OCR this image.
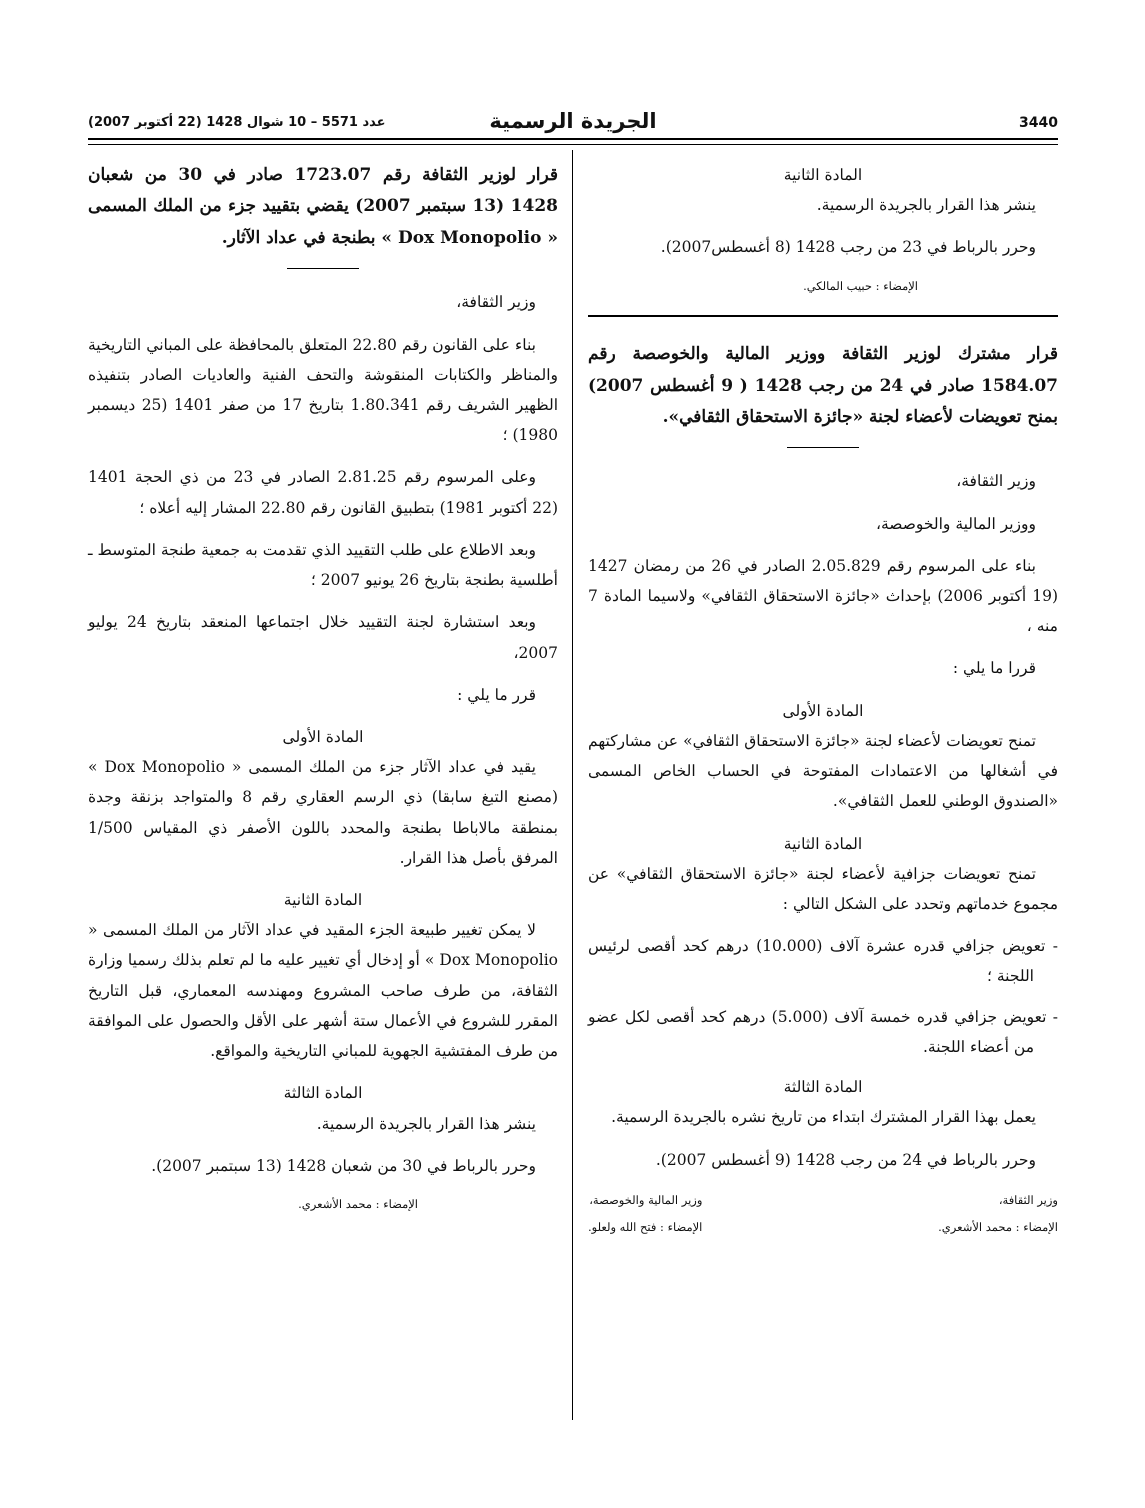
3440
الجريدة الرسمية
عدد 5571 – 10 شوال 1428 (22 أكتوبر 2007)

المادة الثانية

ينشر هذا القرار بالجريدة الرسمية.

وحرر بالرباط في 23 من رجب 1428 (8 أغسطس2007).

الإمضاء : حبيب المالكي.

قرار مشترك لوزير الثقافة ووزير المالية والخوصصة رقم 1584.07 صادر في 24 من رجب 1428 ( 9 أغسطس 2007) بمنح تعويضات لأعضاء لجنة «جائزة الاستحقاق الثقافي».

وزير الثقافة،

ووزير المالية والخوصصة،

بناء على المرسوم رقم 2.05.829 الصادر في 26 من رمضان 1427 (19 أكتوبر 2006) بإحداث «جائزة الاستحقاق الثقافي» ولاسيما المادة 7 منه ،

قررا ما يلي :

المادة الأولى

تمنح تعويضات لأعضاء لجنة «جائزة الاستحقاق الثقافي» عن مشاركتهم في أشغالها من الاعتمادات المفتوحة في الحساب الخاص المسمى «الصندوق الوطني للعمل الثقافي».

المادة الثانية

تمنح تعويضات جزافية لأعضاء لجنة «جائزة الاستحقاق الثقافي» عن مجموع خدماتهم وتحدد على الشكل التالي :

- تعويض جزافي قدره عشرة آلاف (10.000) درهم كحد أقصى لرئيس اللجنة ؛

- تعويض جزافي قدره خمسة آلاف (5.000) درهم كحد أقصى لكل عضو من أعضاء اللجنة.

المادة الثالثة

يعمل بهذا القرار المشترك ابتداء من تاريخ نشره بالجريدة الرسمية.

وحرر بالرباط في 24 من رجب 1428 (9 أغسطس 2007).

وزير الثقافة،
الإمضاء : محمد الأشعري.
وزير المالية والخوصصة،
الإمضاء : فتح الله ولعلو.

قرار لوزير الثقافة رقم 1723.07 صادر في 30 من شعبان 1428 (13 سبتمبر 2007) يقضي بتقييد جزء من الملك المسمى « Dox Monopolio » بطنجة في عداد الآثار.

وزير الثقافة،

بناء على القانون رقم 22.80 المتعلق بالمحافظة على المباني التاريخية والمناظر والكتابات المنقوشة والتحف الفنية والعاديات الصادر بتنفيذه الظهير الشريف رقم 1.80.341 بتاريخ 17 من صفر 1401 (25 ديسمبر 1980) ؛

وعلى المرسوم رقم 2.81.25 الصادر في 23 من ذي الحجة 1401 (22 أكتوبر 1981) بتطبيق القانون رقم 22.80 المشار إليه أعلاه ؛

وبعد الاطلاع على طلب التقييد الذي تقدمت به جمعية طنجة المتوسط ـ أطلسية بطنجة بتاريخ 26 يونيو 2007 ؛

وبعد استشارة لجنة التقييد خلال اجتماعها المنعقد بتاريخ 24 يوليو 2007،

قرر ما يلي :

المادة الأولى

يقيد في عداد الآثار جزء من الملك المسمى « Dox Monopolio » (مصنع التبغ سابقا) ذي الرسم العقاري رقم 8 والمتواجد بزنقة وجدة بمنطقة مالاباطا بطنجة والمحدد باللون الأصفر ذي المقياس 1/500 المرفق بأصل هذا القرار.

المادة الثانية

لا يمكن تغيير طبيعة الجزء المقيد في عداد الآثار من الملك المسمى « Dox Monopolio » أو إدخال أي تغيير عليه ما لم تعلم بذلك رسميا وزارة الثقافة، من طرف صاحب المشروع ومهندسه المعماري، قبل التاريخ المقرر للشروع في الأعمال ستة أشهر على الأقل والحصول على الموافقة من طرف المفتشية الجهوية للمباني التاريخية والمواقع.

المادة الثالثة

ينشر هذا القرار بالجريدة الرسمية.

وحرر بالرباط في 30 من شعبان 1428 (13 سبتمبر 2007).

الإمضاء : محمد الأشعري.
